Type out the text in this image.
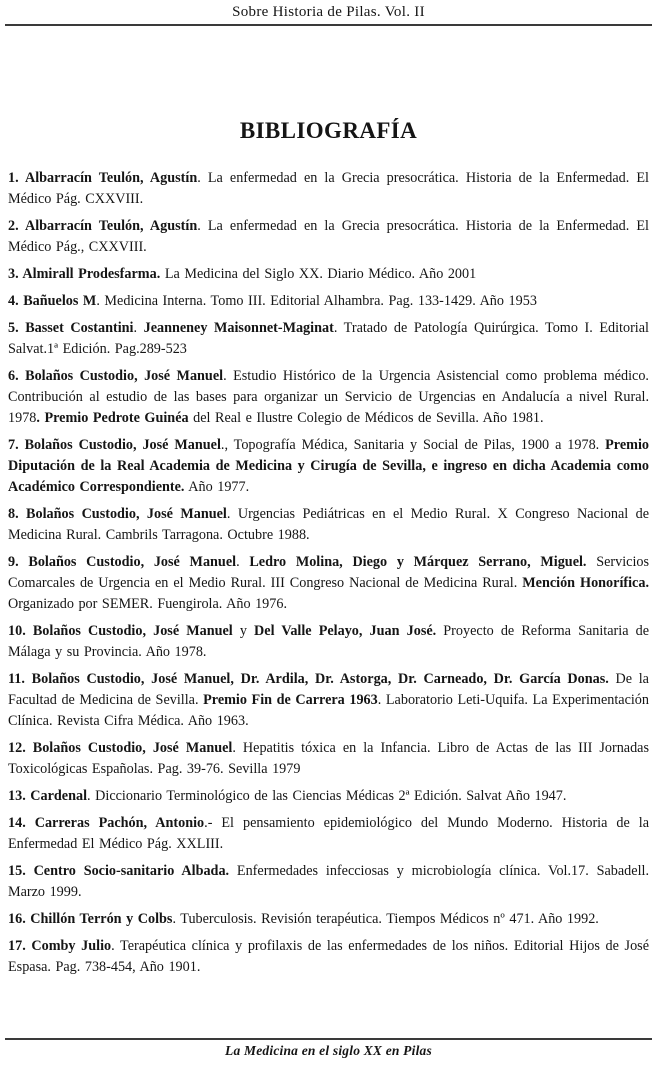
Sobre Historia de Pilas. Vol. II
BIBLIOGRAFÍA

1. Albarracín Teulón, Agustín. La enfermedad en la Grecia presocrática. Historia de la Enfermedad. El Médico Pág. CXXVIII.

2. Albarracín Teulón, Agustín. La enfermedad en la Grecia presocrática. Historia de la Enfermedad. El Médico Pág., CXXVIII.

3. Almirall Prodesfarma. La Medicina del Siglo XX. Diario Médico. Año 2001

4. Bañuelos M. Medicina Interna. Tomo III. Editorial Alhambra. Pag. 133-1429. Año 1953

5. Basset Costantini. Jeanneney Maisonnet-Maginat. Tratado de Patología Quirúrgica. Tomo I. Editorial Salvat.1ª Edición. Pag.289-523

6. Bolaños Custodio, José Manuel. Estudio Histórico de la Urgencia Asistencial como problema médico. Contribución al estudio de las bases para organizar un Servicio de Urgencias en Andalucía a nivel Rural. 1978. Premio Pedrote Guinéa del Real e Ilustre Colegio de Médicos de Sevilla. Año 1981.

7. Bolaños Custodio, José Manuel., Topografía Médica, Sanitaria y Social de Pilas, 1900 a 1978. Premio Diputación de la Real Academia de Medicina y Cirugía de Sevilla, e ingreso en dicha Academia como Académico Correspondiente. Año 1977.

8. Bolaños Custodio, José Manuel. Urgencias Pediátricas en el Medio Rural. X Congreso Nacional de Medicina Rural. Cambrils Tarragona. Octubre 1988.

9. Bolaños Custodio, José Manuel. Ledro Molina, Diego y Márquez Serrano, Miguel. Servicios Comarcales de Urgencia en el Medio Rural. III Congreso Nacional de Medicina Rural. Mención Honorífica. Organizado por SEMER. Fuengirola. Año 1976.

10. Bolaños Custodio, José Manuel y Del Valle Pelayo, Juan José. Proyecto de Reforma Sanitaria de Málaga y su Provincia. Año 1978.

11. Bolaños Custodio, José Manuel, Dr. Ardila, Dr. Astorga, Dr. Carneado, Dr. García Donas. De la Facultad de Medicina de Sevilla. Premio Fin de Carrera 1963. Laboratorio Leti-Uquifa. La Experimentación Clínica. Revista Cifra Médica. Año 1963.

12. Bolaños Custodio, José Manuel. Hepatitis tóxica en la Infancia. Libro de Actas de las III Jornadas Toxicológicas Españolas. Pag. 39-76. Sevilla 1979

13. Cardenal. Diccionario Terminológico de las Ciencias Médicas 2ª Edición. Salvat Año 1947.

14. Carreras Pachón, Antonio.- El pensamiento epidemiológico del Mundo Moderno. Historia de la Enfermedad El Médico Pág. XXLIII.

15. Centro Socio-sanitario Albada. Enfermedades infecciosas y microbiología clínica. Vol.17. Sabadell. Marzo 1999.

16. Chillón Terrón y Colbs. Tuberculosis. Revisión terapéutica. Tiempos Médicos nº 471. Año 1992.

17. Comby Julio. Terapéutica clínica y profilaxis de las enfermedades de los niños. Editorial Hijos de José Espasa. Pag. 738-454, Año 1901.

La Medicina en el siglo XX en Pilas
